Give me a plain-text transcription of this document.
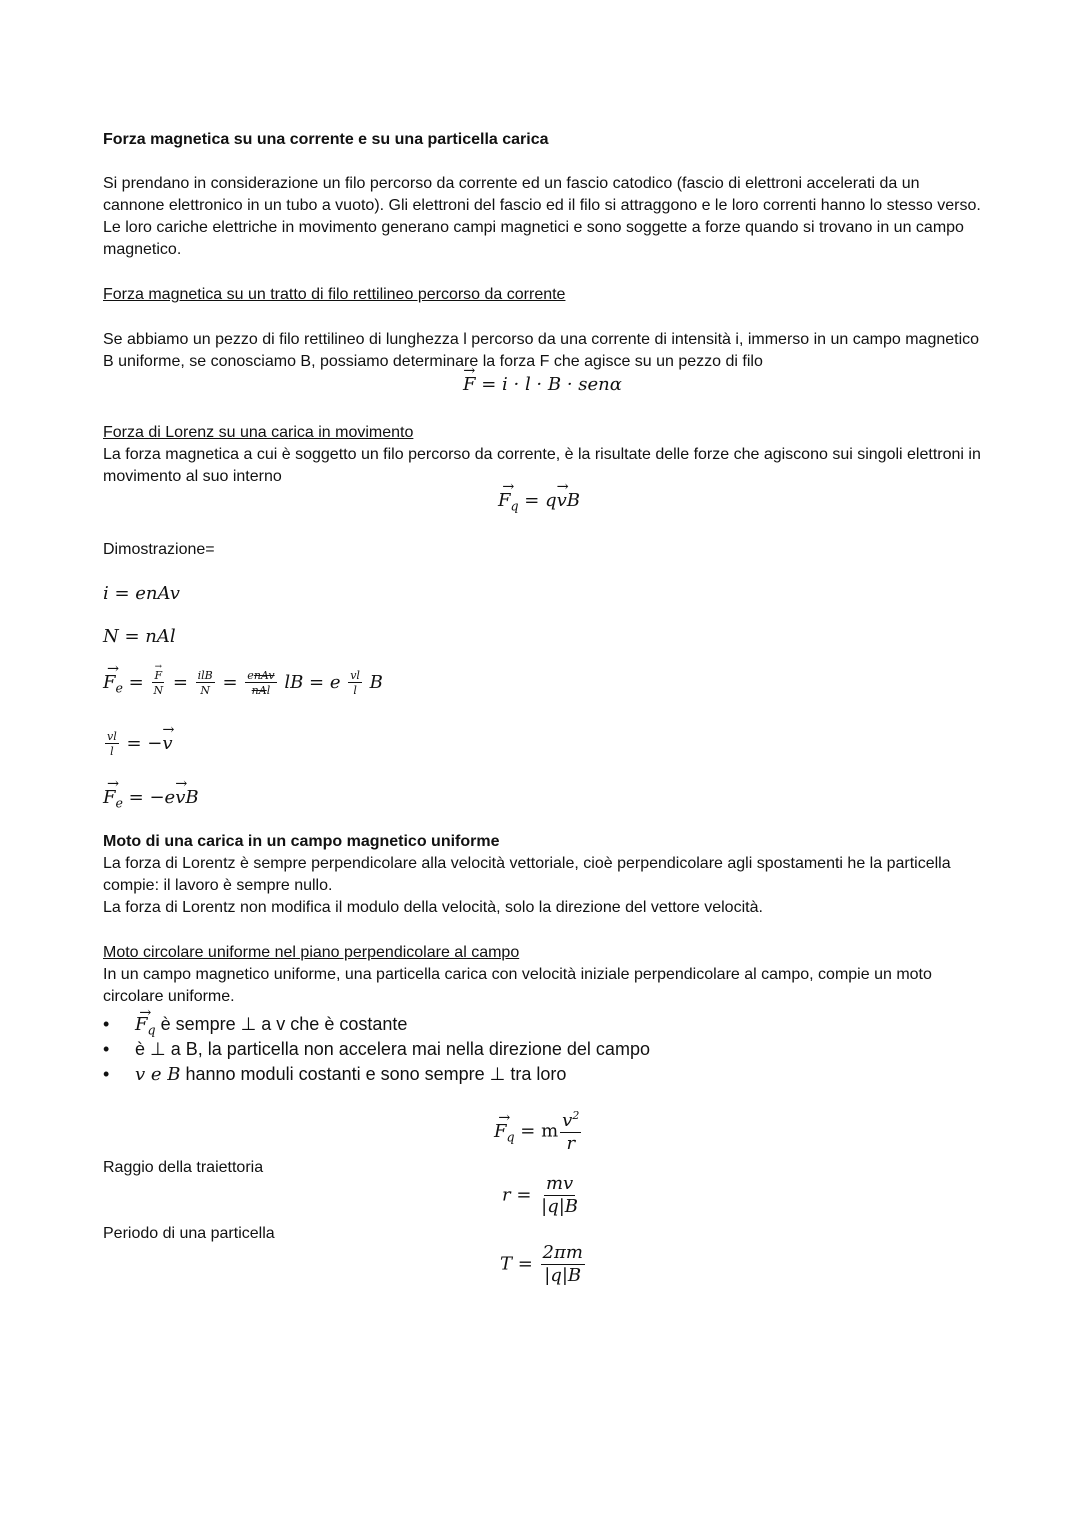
Forza magnetica su una corrente e su una particella carica

Si prendano in considerazione un filo percorso da corrente ed un fascio catodico (fascio di elettroni accelerati da un cannone elettronico in un tubo a vuoto). Gli elettroni del fascio ed il filo si attraggono e le loro correnti hanno lo stesso verso. Le loro cariche elettriche in movimento generano campi magnetici e sono soggette a forze quando si trovano in un campo magnetico.

Forza magnetica su un tratto di filo rettilineo percorso da corrente

Se abbiamo un pezzo di filo rettilineo di lunghezza l percorso da una corrente di intensità i, immerso in un campo magnetico B uniforme, se conosciamo B, possiamo determinare la forza F che agisce su un pezzo di filo

→ F = i · l · B · senα

Forza di Lorenz su una carica in movimento

La forza magnetica a cui è soggetto un filo percorso da corrente, è la risultate delle forze che agiscono sui singoli elettroni in movimento al suo interno

→ $F_q = q\to$ vB

Dimostrazione=

i = enAv
N = nAl
→ $F_e$ =
→ $\frac{F}{N} = \frac{\text{ilB}}{N} = \frac{\text{enAv}}{\text{nAl}}$ lB = e $\frac{vl}{l}$ B
$\frac{vl}{l}$ = −→ v
→ $F_e = -e\to$ vB

Moto di una carica in un campo magnetico uniforme

La forza di Lorentz è sempre perpendicolare alla velocità vettoriale, cioè perpendicolare agli spostamenti he la particella compie: il lavoro è sempre nullo.

La forza di Lorentz non modifica il modulo della velocità, solo la direzione del vettore velocità.

Moto circolare uniforme nel piano perpendicolare al campo

In un campo magnetico uniforme, una particella carica con velocità iniziale perpendicolare al campo, compie un moto circolare uniforme.

• → $F_q$ è sempre ⊥ a v che è costante
• è ⊥ a B, la particella non accelera mai nella direzione del campo
• v e B hanno moduli costanti e sono sempre ⊥ tra loro
→ $F_q = m \frac{v^2}{r}$

Raggio della traiettoria

$r = \frac{mv}{|q|B}$

Periodo di una particella

$T = \frac{2\pi m}{|q|B}$
